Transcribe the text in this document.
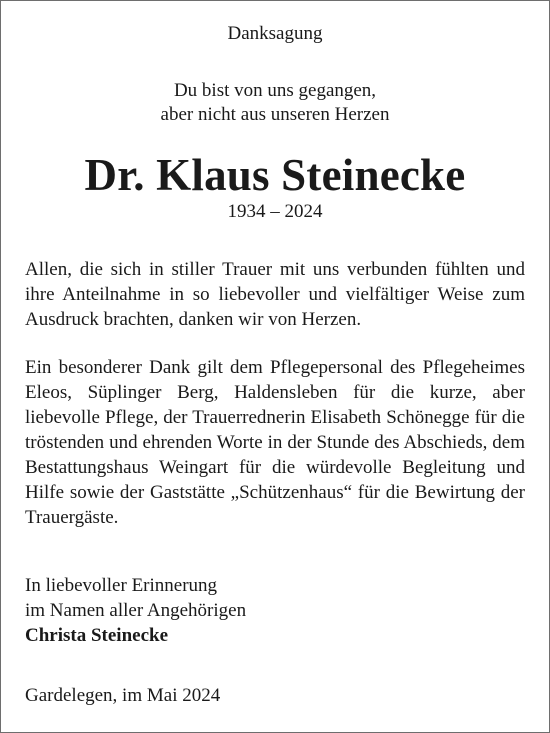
Danksagung
Du bist von uns gegangen,
aber nicht aus unseren Herzen
Dr. Klaus Steinecke
1934 – 2024
Allen, die sich in stiller Trauer mit uns verbunden fühlten und ihre Anteilnahme in so liebevoller und vielfältiger Weise zum Ausdruck brachten, danken wir von Herzen.
Ein besonderer Dank gilt dem Pflegepersonal des Pflegeheimes Eleos, Süplinger Berg, Haldensleben für die kurze, aber liebevolle Pflege, der Trauerrednerin Elisabeth Schönegge für die tröstenden und ehrenden Worte in der Stunde des Abschieds, dem Bestattungshaus Weingart für die würdevolle Begleitung und Hilfe sowie der Gaststätte „Schützenhaus“ für die Bewirtung der Trauergäste.
In liebevoller Erinnerung
im Namen aller Angehörigen
Christa Steinecke
Gardelegen, im Mai 2024
